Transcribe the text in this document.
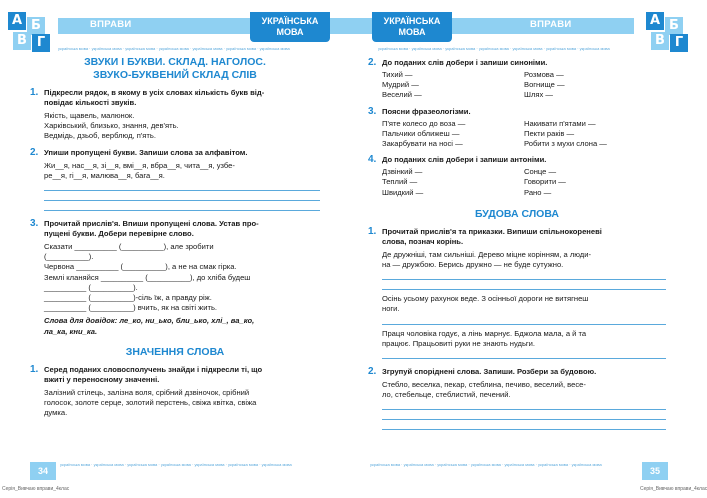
А Б
В Г
ВПРАВИ	УКРАЇНСЬКА
МОВА
українська мова · українська мова · українська мова · українська мова · українська мова · українська мова · українська мова
ЗВУКИ І БУКВИ. СКЛАД. НАГОЛОС.
ЗВУКО-БУКВЕНИЙ СКЛАД СЛІВ
1. Підкресли рядок, в якому в усіх словах кількість букв від-
повідає кількості звуків.
Якість, щавель, малюнок.
Харківський, близько, знання, дев'ять.
Ведмідь, дзьоб, верблюд, п'ять.
2. Упиши пропущені букви. Запиши слова за алфавітом.
Жи__я, нас__я, зі__я, вмі__я, вбра__я, чита__я, узбе-
ре__я, гі__я, малюва__я, бага__я.
3. Прочитай прислів'я. Впиши пропущені слова. Устав про-
пущені букви. Добери перевірне слово.
Сказати __________ (__________), але зробити
(__________).
Червона __________ (__________), а не на смак гірка.
Землі кланяйся __________ (__________), до хліба будеш
__________ (__________).
__________ (__________)-сіль їж, а правду ріж.
__________ (__________) вчить, як на світі жить.
Слова для довідок: ле_ко, ни_ько, бли_ько, хлі_, ва_ко,
ла_ка, кни_ка.
ЗНАЧЕННЯ СЛОВА
1. Серед поданих словосполучень знайди і підкресли ті, що
вжиті у переносному значенні.
Залізний стілець, залізна воля, срібний дзвіночок, срібний
голосок, золоте серце, золотий перстень, свіжа квітка, свіжа
думка.
українська мова · українська мова · українська мова · українська мова · українська мова · українська мова · українська мова
34
Серія_Вивчаю вправи_4клас
УКРАЇНСЬКА
МОВА
ВПРАВИ	А Б
В Г
українська мова · українська мова · українська мова · українська мова · українська мова · українська мова · українська мова
2. До поданих слів добери і запиши синоніми.
Тихий —	Розмова —
Мудрий —	Вогнище —
Веселий —	Шлях —
3. Поясни фразеологізми.
П'яте колесо до воза —	Накивати п'ятами —
Пальчики оближеш —	Пекти раків —
Закарбувати на носі —	Робити з мухи слона —
4. До поданих слів добери і запиши антоніми.
Дзвінкий —	Сонце —
Теплий —	Говорити —
Швидкий —	Рано —
БУДОВА СЛОВА
1. Прочитай прислів'я та приказки. Випиши спільнокореневі
слова, познач корінь.
Де дружніші, там сильніші. Дерево міцне корінням, а люди-
на — дружбою. Берись дружно — не буде сутужно.
Осінь усьому рахунок веде. З осінньої дороги не витягнеш
ноги.
Праця чоловіка годує, а лінь марнує. Бджола мала, а й та
працює. Працьовиті руки не знають нудьги.
2. Згрупуй споріднені слова. Запиши. Розбери за будовою.
Стебло, веселка, пекар, стеблина, печиво, веселий, весе-
ло, стебельце, стеблистий, печений.
українська мова · українська мова · українська мова · українська мова · українська мова · українська мова · українська мова
35
Серія_Вивчаю вправи_4клас
